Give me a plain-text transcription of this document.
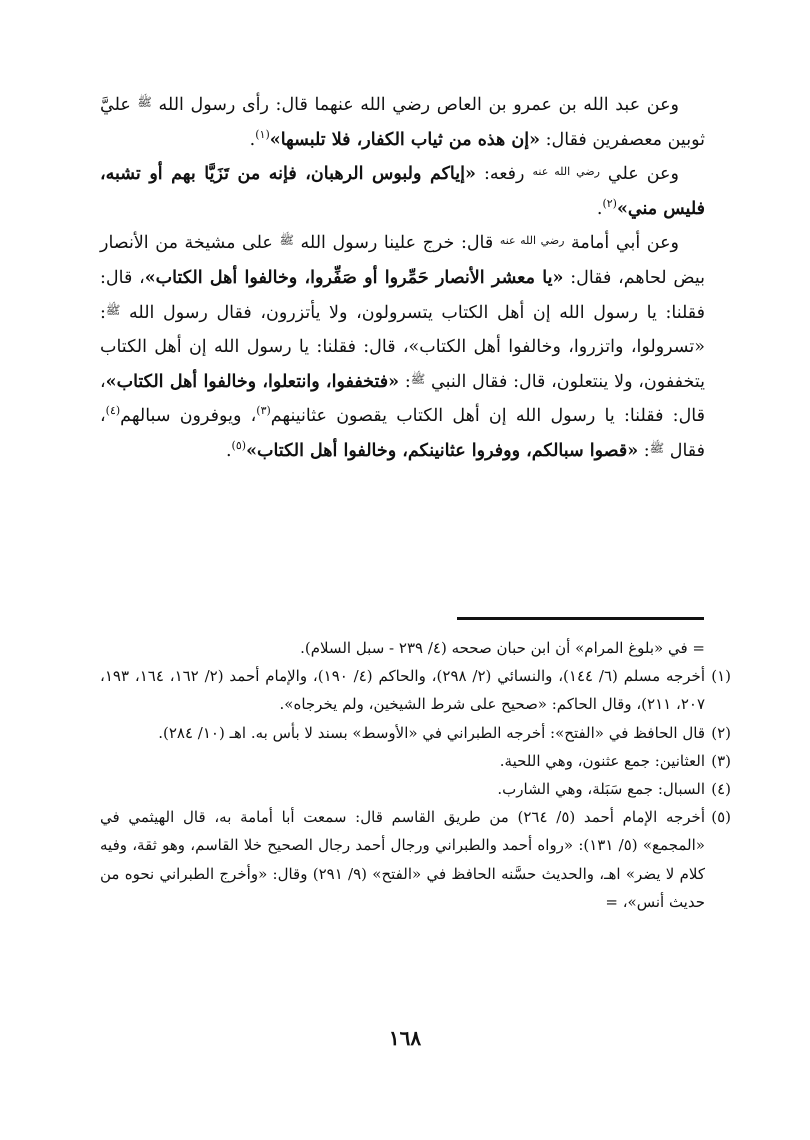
وعن عبد الله بن عمرو بن العاص رضي الله عنهما قال: رأى رسول الله $^ﷺ$ عليَّ ثوبين معصفرين فقال: «إن هذه من ثياب الكفار، فلا تلبسها»$^{(١)}$.

وعن علي $^{رضي الله عنه}$ رفعه: «إياكم ولبوس الرهبان، فإنه من تَزَيَّا بهم أو تشبه، فليس مني»$^{(٢)}$.

وعن أبي أمامة $^{رضي الله عنه}$ قال: خرج علينا رسول الله $^ﷺ$ على مشيخة من الأنصار بيض لحاهم، فقال: «يا معشر الأنصار حَمِّروا أو صَفِّروا، وخالفوا أهل الكتاب»، قال: فقلنا: يا رسول الله إن أهل الكتاب يتسرولون، ولا يأتزرون، فقال رسول الله $^ﷺ$: «تسرولوا، واتزروا، وخالفوا أهل الكتاب»، قال: فقلنا: يا رسول الله إن أهل الكتاب يتخففون، ولا ينتعلون، قال: فقال النبي $^ﷺ$: «فتخففوا، وانتعلوا، وخالفوا أهل الكتاب»، قال: فقلنا: يا رسول الله إن أهل الكتاب يقصون عثانينهم$^{(٣)}$، ويوفرون سبالهم$^{(٤)}$، فقال $^ﷺ$: «قصوا سبالكم، ووفروا عثانينكم، وخالفوا أهل الكتاب»$^{(٥)}$.

= في «بلوغ المرام» أن ابن حبان صححه (٤/ ٢٣٩ - سبل السلام).

(١)أخرجه مسلم (٦/ ١٤٤)، والنسائي (٢/ ٢٩٨)، والحاكم (٤/ ١٩٠)، والإمام أحمد (٢/ ١٦٢، ١٦٤، ١٩٣، ٢٠٧، ٢١١)، وقال الحاكم: «صحيح على شرط الشيخين، ولم يخرجاه».

(٢)قال الحافظ في «الفتح»: أخرجه الطبراني في «الأوسط» بسند لا بأس به. اهـ (١٠/ ٢٨٤).

(٣)العثانين: جمع عثنون، وهي اللحية.

(٤)السبال: جمع سَبَلة، وهي الشارب.

(٥)أخرجه الإمام أحمد (٥/ ٢٦٤) من طريق القاسم قال: سمعت أبا أمامة به، قال الهيثمي في «المجمع» (٥/ ١٣١): «رواه أحمد والطبراني ورجال أحمد رجال الصحيح خلا القاسم، وهو ثقة، وفيه كلام لا يضر» اهـ، والحديث حسَّنه الحافظ في «الفتح» (٩/ ٢٩١) وقال: «وأخرج الطبراني نحوه من حديث أنس»، =

١٦٨
